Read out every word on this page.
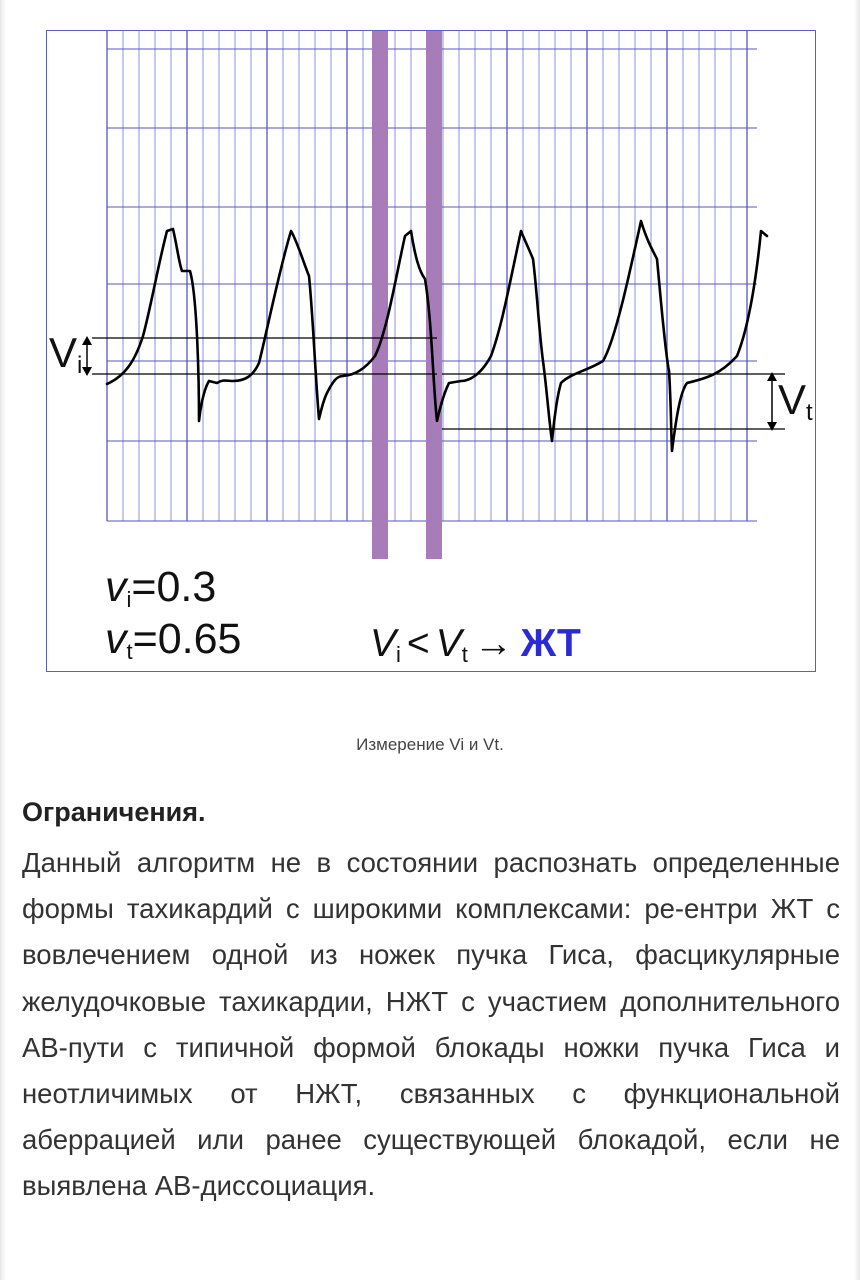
Vi
Vt
vi=0.3
vt=0.65	Vi < Vt → ЖТ
Измерение Vi и Vt.
Ограничения.
Данный алгоритм не в состоянии распознать определенные формы тахикардий с широкими комплексами: ре-ентри ЖТ с вовлечением одной из ножек пучка Гиса, фасцикулярные желудочковые тахикардии, НЖТ с участием дополнительного АВ-пути с типичной формой блокады ножки пучка Гиса и неотличимых от НЖТ, связанных с функциональной аберрацией или ранее существующей блокадой, если не выявлена АВ-диссоциация.
